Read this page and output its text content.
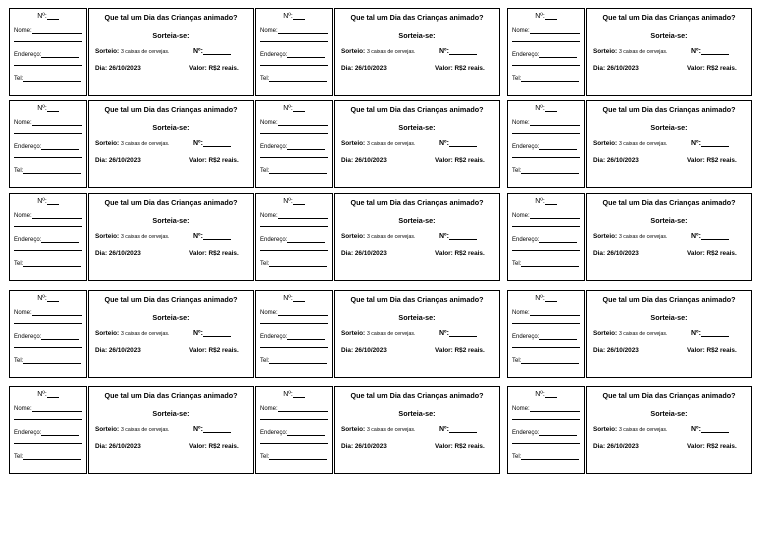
Nº:
Nome:
Endereço:
Tel:
Que tal um Dia das Crianças animado?
Sorteia-se:
Sorteio: 3 caixas de cervejas.	Nº:
Dia: 26/10/2023	Valor: R$2 reais.
Nº:
Nome:
Endereço:
Tel:
Que tal um Dia das Crianças animado?
Sorteia-se:
Sorteio: 3 caixas de cervejas.	Nº:
Dia: 26/10/2023	Valor: R$2 reais.
Nº:
Nome:
Endereço:
Tel:
Que tal um Dia das Crianças animado?
Sorteia-se:
Sorteio: 3 caixas de cervejas.	Nº:
Dia: 26/10/2023	Valor: R$2 reais.
Nº:
Nome:
Endereço:
Tel:
Que tal um Dia das Crianças animado?
Sorteia-se:
Sorteio: 3 caixas de cervejas.	Nº:
Dia: 26/10/2023	Valor: R$2 reais.
Nº:
Nome:
Endereço:
Tel:
Que tal um Dia das Crianças animado?
Sorteia-se:
Sorteio: 3 caixas de cervejas.	Nº:
Dia: 26/10/2023	Valor: R$2 reais.
Nº:
Nome:
Endereço:
Tel:
Que tal um Dia das Crianças animado?
Sorteia-se:
Sorteio: 3 caixas de cervejas.	Nº:
Dia: 26/10/2023	Valor: R$2 reais.
Nº:
Nome:
Endereço:
Tel:
Que tal um Dia das Crianças animado?
Sorteia-se:
Sorteio: 3 caixas de cervejas.	Nº:
Dia: 26/10/2023	Valor: R$2 reais.
Nº:
Nome:
Endereço:
Tel:
Que tal um Dia das Crianças animado?
Sorteia-se:
Sorteio: 3 caixas de cervejas.	Nº:
Dia: 26/10/2023	Valor: R$2 reais.
Nº:
Nome:
Endereço:
Tel:
Que tal um Dia das Crianças animado?
Sorteia-se:
Sorteio: 3 caixas de cervejas.	Nº:
Dia: 26/10/2023	Valor: R$2 reais.
Nº:
Nome:
Endereço:
Tel:
Que tal um Dia das Crianças animado?
Sorteia-se:
Sorteio: 3 caixas de cervejas.	Nº:
Dia: 26/10/2023	Valor: R$2 reais.
Nº:
Nome:
Endereço:
Tel:
Que tal um Dia das Crianças animado?
Sorteia-se:
Sorteio: 3 caixas de cervejas.	Nº:
Dia: 26/10/2023	Valor: R$2 reais.
Nº:
Nome:
Endereço:
Tel:
Que tal um Dia das Crianças animado?
Sorteia-se:
Sorteio: 3 caixas de cervejas.	Nº:
Dia: 26/10/2023	Valor: R$2 reais.
Nº:
Nome:
Endereço:
Tel:
Que tal um Dia das Crianças animado?
Sorteia-se:
Sorteio: 3 caixas de cervejas.	Nº:
Dia: 26/10/2023	Valor: R$2 reais.
Nº:
Nome:
Endereço:
Tel:
Que tal um Dia das Crianças animado?
Sorteia-se:
Sorteio: 3 caixas de cervejas.	Nº:
Dia: 26/10/2023	Valor: R$2 reais.
Nº:
Nome:
Endereço:
Tel:
Que tal um Dia das Crianças animado?
Sorteia-se:
Sorteio: 3 caixas de cervejas.	Nº:
Dia: 26/10/2023	Valor: R$2 reais.
